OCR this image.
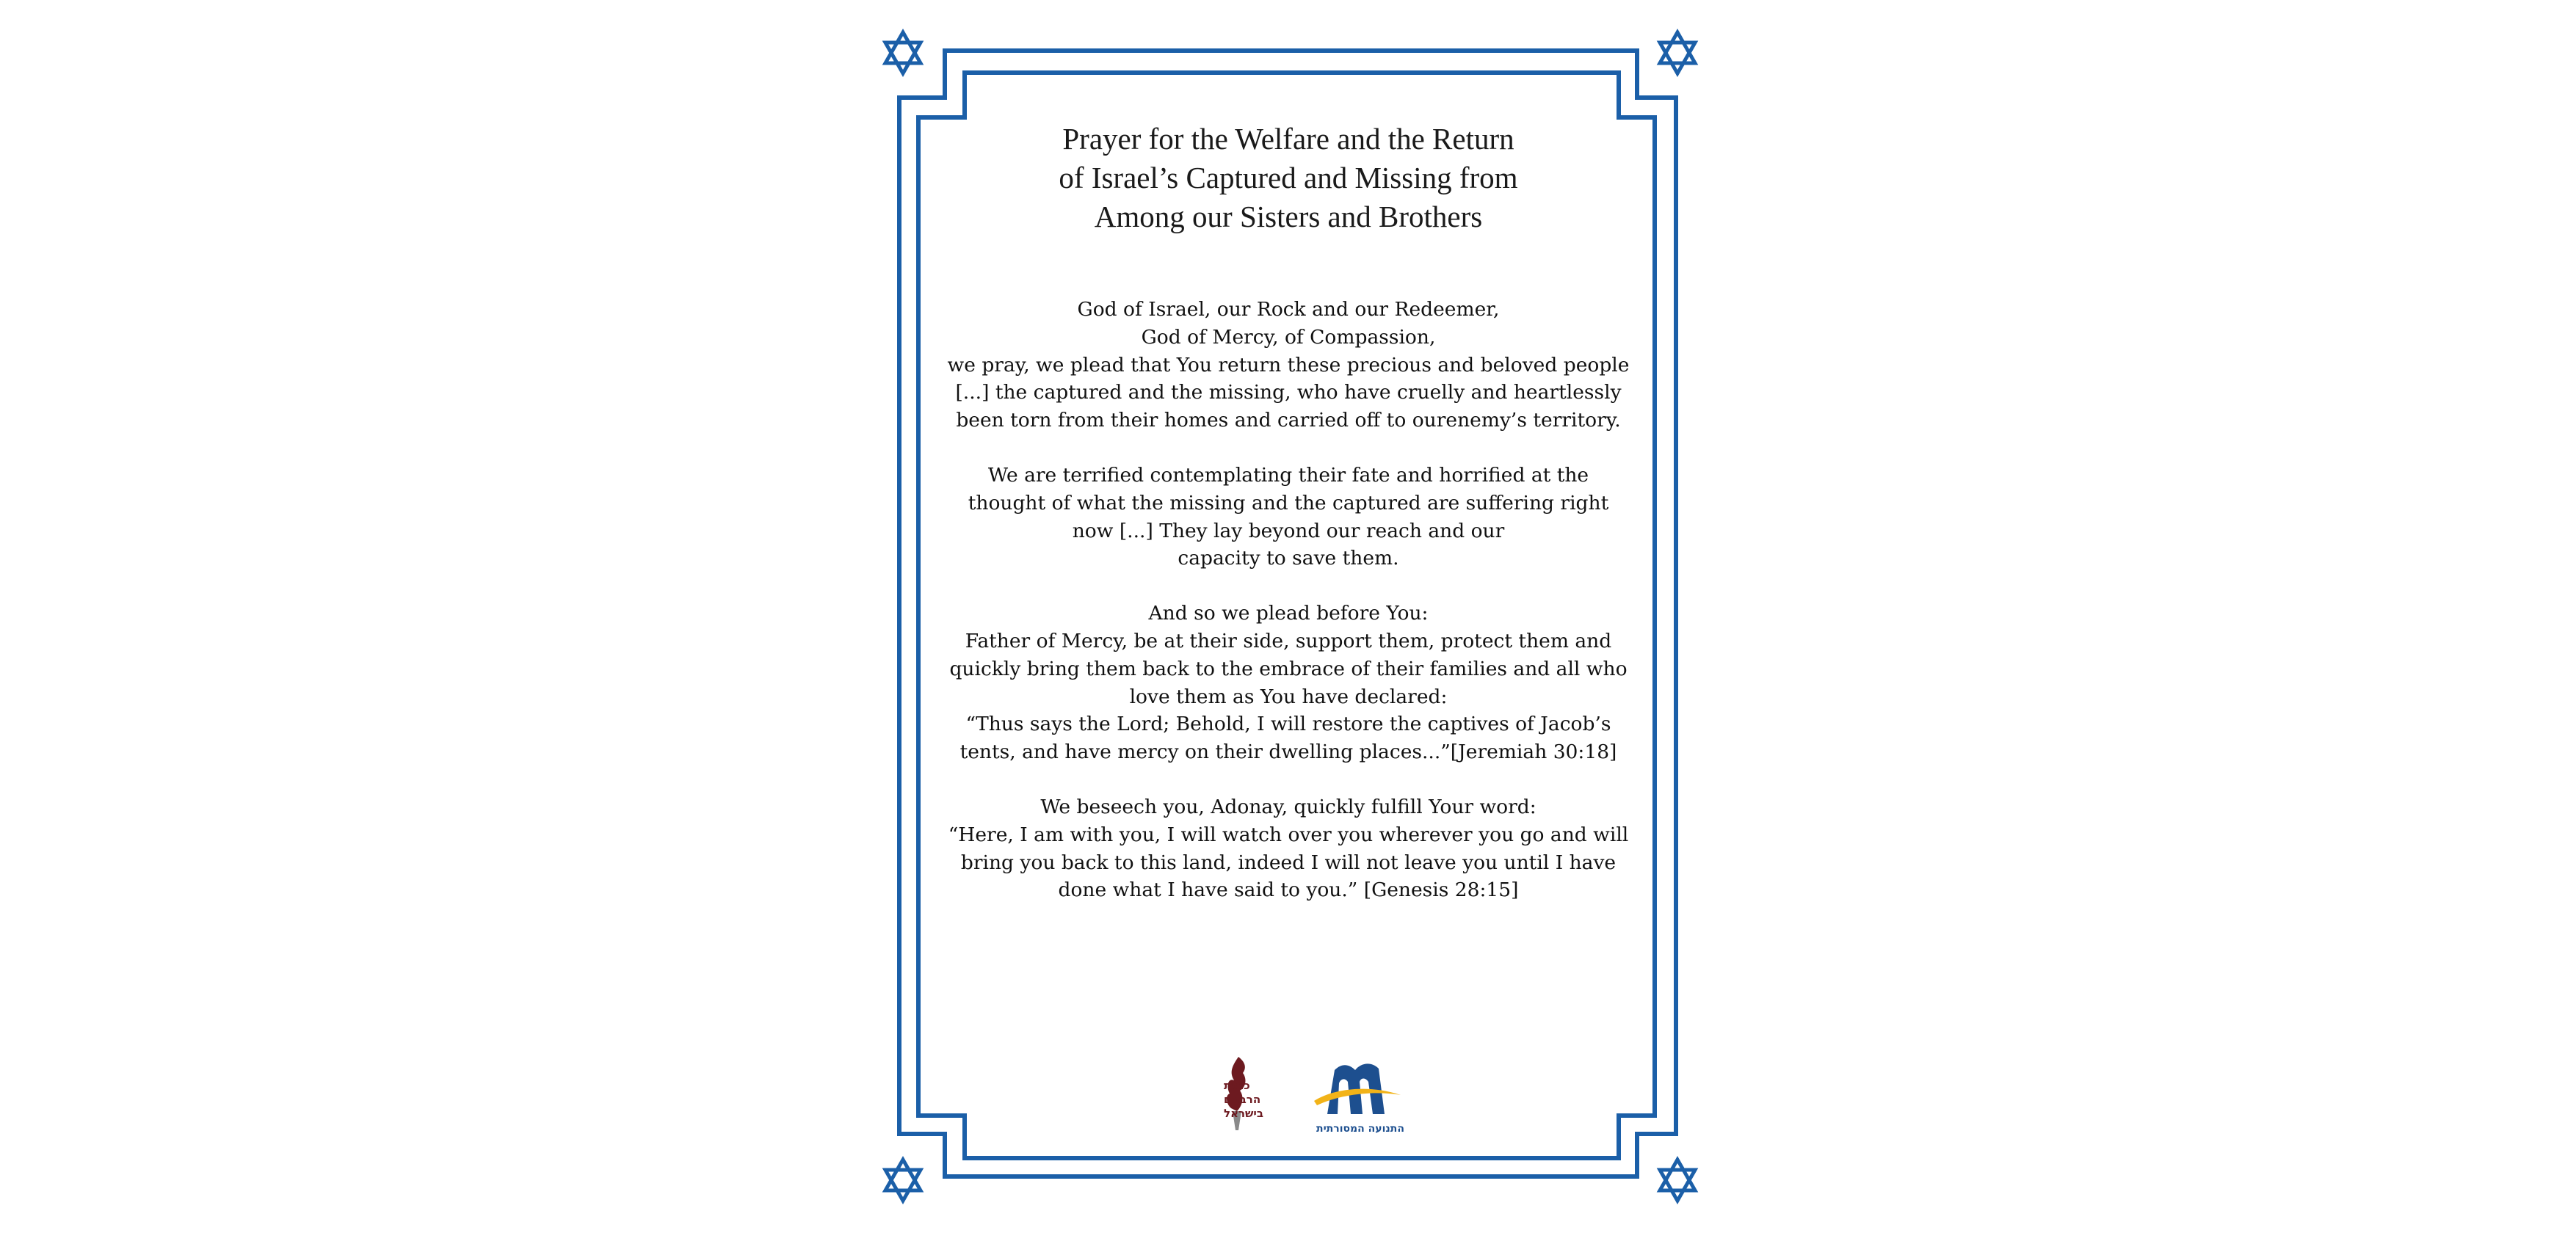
Prayer for the Welfare and the Return
of Israel’s Captured and Missing from
Among our Sisters and Brothers
God of Israel, our Rock and our Redeemer,
God of Mercy, of Compassion,
we pray, we plead that You return these precious and beloved people
[...] the captured and the missing, who have cruelly and heartlessly
been torn from their homes and carried off to ourenemy’s territory.
We are terrified contemplating their fate and horrified at the
thought of what the missing and the captured are suffering right
now [...] They lay beyond our reach and our
capacity to save them.
And so we plead before You:
Father of Mercy, be at their side, support them, protect them and
quickly bring them back to the embrace of their families and all who
love them as You have declared:
“Thus says the Lord; Behold, I will restore the captives of Jacob’s
tents, and have mercy on their dwelling places...”[Jeremiah 30:18]
We beseech you, Adonay, quickly fulfill Your word:
“Here, I am with you, I will watch over you wherever you go and will
bring you back to this land, indeed I will not leave you until I have
done what I have said to you.” [Genesis 28:15]
כנסת
הרבנים
בישראל
התנועה המסורתית
